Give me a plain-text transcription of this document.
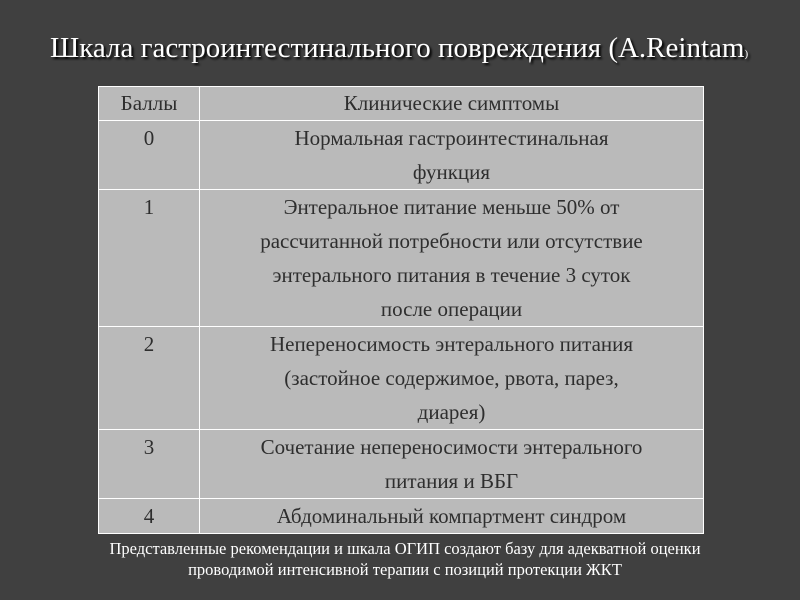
Шкала гастроинтестинального повреждения (A.Reintam)
Баллы	Клинические симптомы
0	Нормальная гастроинтестинальная
функция

1	Энтеральное питание меньше 50% от
рассчитанной потребности или отсутствие
энтерального питания в течение 3 суток
после операции

2	Непереносимость энтерального питания
(застойное содержимое, рвота, парез,
диарея)

3	Сочетание непереносимости энтерального
питания и ВБГ

4	Абдоминальный компартмент синдром
Представленные рекомендации и шкала ОГИП создают базу для адекватной оценки
проводимой интенсивной терапии с позиций протекции ЖКТ
